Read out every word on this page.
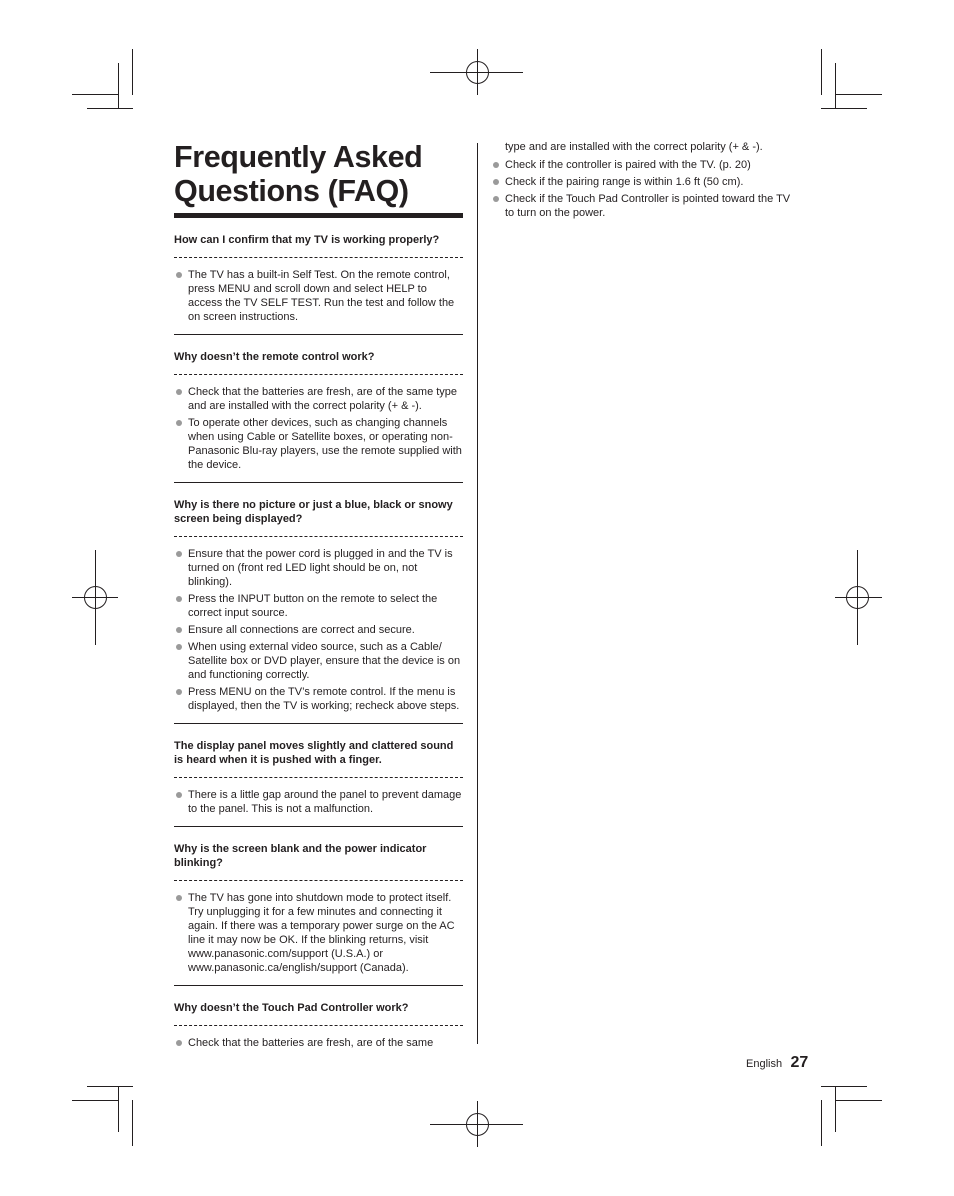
Frequently Asked
Questions (FAQ)

How can I confirm that my TV is working properly?

The TV has a built-in Self Test. On the remote control, press MENU and scroll down and select HELP to access the TV SELF TEST. Run the test and follow the on screen instructions.

Why doesn’t the remote control work?

Check that the batteries are fresh, are of the same type and are installed with the correct polarity (+ & -).
To operate other devices, such as changing channels when using Cable or Satellite boxes, or operating non-Panasonic Blu-ray players, use the remote supplied with the device.

Why is there no picture or just a blue, black or snowy screen being displayed?

Ensure that the power cord is plugged in and the TV is turned on (front red LED light should be on, not blinking).
Press the INPUT button on the remote to select the correct input source.
Ensure all connections are correct and secure.
When using external video source, such as a Cable/ Satellite box or DVD player, ensure that the device is on and functioning correctly.
Press MENU on the TV’s remote control. If the menu is displayed, then the TV is working; recheck above steps.

The display panel moves slightly and clattered sound is heard when it is pushed with a finger.

There is a little gap around the panel to prevent damage to the panel. This is not a malfunction.

Why is the screen blank and the power indicator blinking?

The TV has gone into shutdown mode to protect itself. Try unplugging it for a few minutes and connecting it again. If there was a temporary power surge on the AC line it may now be OK. If the blinking returns, visit www.panasonic.com/support (U.S.A.) or www.panasonic.ca/english/support (Canada).

Why doesn’t the Touch Pad Controller work?

Check that the batteries are fresh, are of the same
type and are installed with the correct polarity (+ & -).
Check if the controller is paired with the TV. (p. 20)
Check if the pairing range is within 1.6 ft (50 cm).
Check if the Touch Pad Controller is pointed toward the TV to turn on the power.
English 27
